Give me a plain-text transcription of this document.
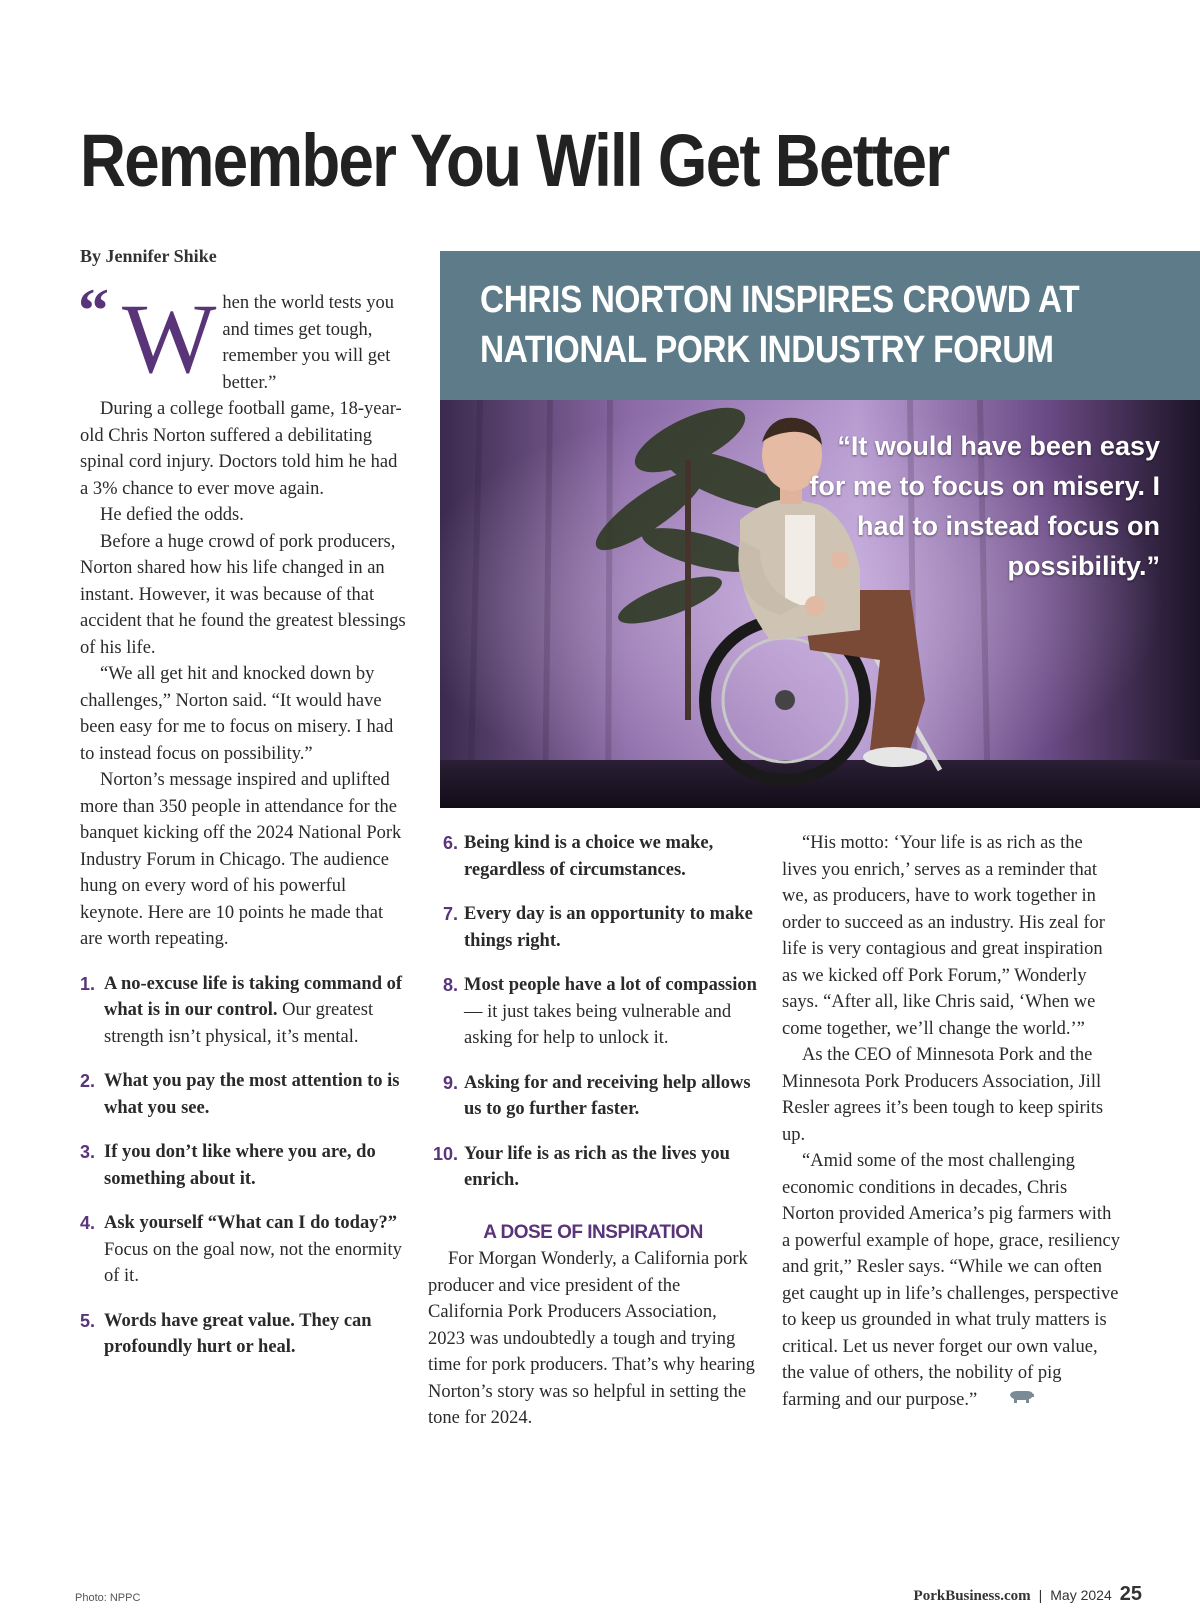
Remember You Will Get Better
By Jennifer Shike
“ W hen the world tests you and times get tough, remember you will get better.”

During a college football game, 18-year-old Chris Norton suffered a debilitating spinal cord injury. Doctors told him he had a 3% chance to ever move again.

He defied the odds.

Before a huge crowd of pork producers, Norton shared how his life changed in an instant. However, it was because of that accident that he found the greatest blessings of his life.

“We all get hit and knocked down by challenges,” Norton said. “It would have been easy for me to focus on misery. I had to instead focus on possibility.”

Norton’s message inspired and uplifted more than 350 people in attendance for the banquet kicking off the 2024 National Pork Industry Forum in Chicago. The audience hung on every word of his powerful keynote. Here are 10 points he made that are worth repeating.

1. A no-excuse life is taking command of what is in our control. Our greatest strength isn’t physical, it’s mental.
2. What you pay the most attention to is what you see.
3. If you don’t like where you are, do something about it.
4. Ask yourself “What can I do today?” Focus on the goal now, not the enormity of it.
5. Words have great value. They can profoundly hurt or heal.
CHRIS NORTON INSPIRES CROWD AT NATIONAL PORK INDUSTRY FORUM
“It would have been easy for me to focus on misery. I had to instead focus on possibility.”
6. Being kind is a choice we make, regardless of circumstances.
7. Every day is an opportunity to make things right.
8. Most people have a lot of compassion — it just takes being vulnerable and asking for help to unlock it.
9. Asking for and receiving help allows us to go further faster.
10. Your life is as rich as the lives you enrich.
A DOSE OF INSPIRATION

For Morgan Wonderly, a California pork producer and vice president of the California Pork Producers Association, 2023 was undoubtedly a tough and trying time for pork producers. That’s why hearing Norton’s story was so helpful in setting the tone for 2024.

“His motto: ‘Your life is as rich as the lives you enrich,’ serves as a reminder that we, as producers, have to work together in order to succeed as an industry. His zeal for life is very contagious and great inspiration as we kicked off Pork Forum,” Wonderly says. “After all, like Chris said, ‘When we come together, we’ll change the world.’”

As the CEO of Minnesota Pork and the Minnesota Pork Producers Association, Jill Resler agrees it’s been tough to keep spirits up.

“Amid some of the most challenging economic conditions in decades, Chris Norton provided America’s pig farmers with a powerful example of hope, grace, resiliency and grit,” Resler says. “While we can often get caught up in life’s challenges, perspective to keep us grounded in what truly matters is critical. Let us never forget our own value, the value of others, the nobility of pig farming and our purpose.”

Photo: NPPC	PorkBusiness.com | May 2024 25
